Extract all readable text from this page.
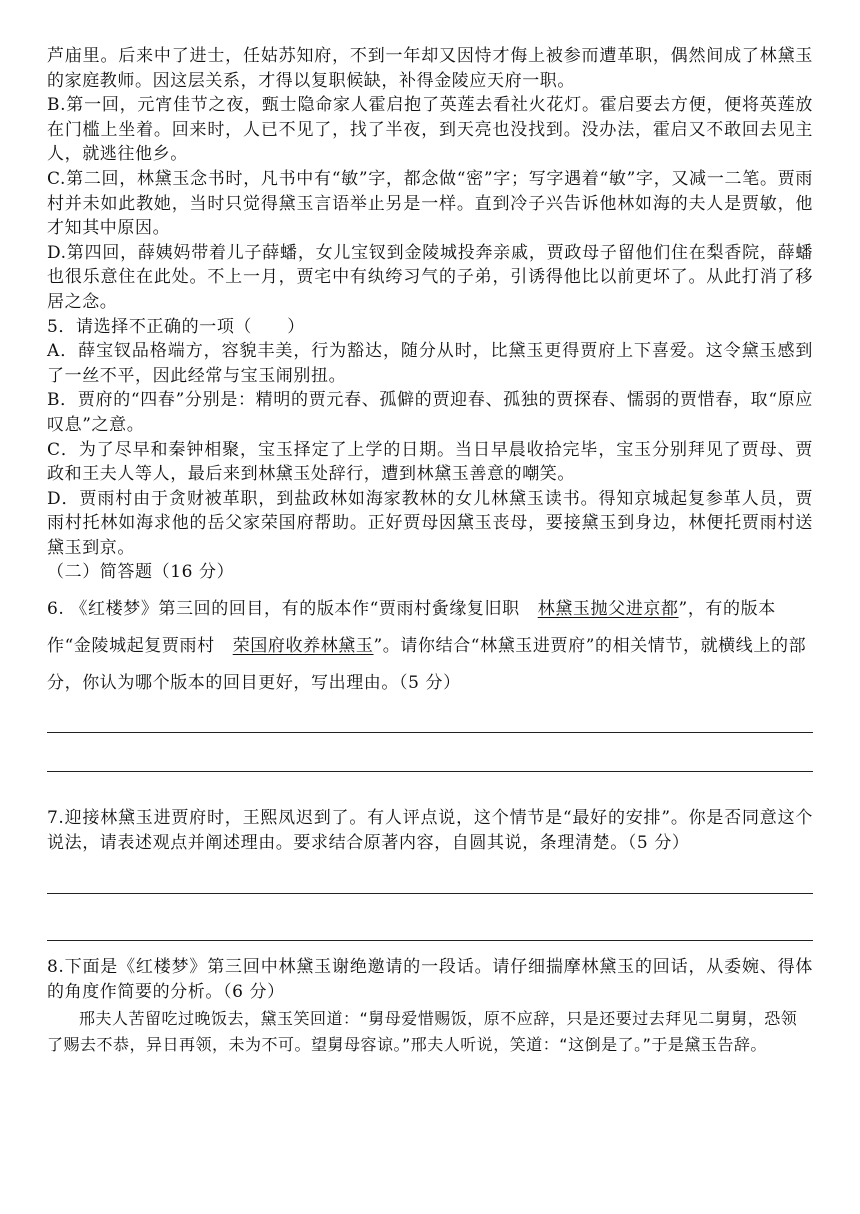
芦庙里。后来中了进士，任姑苏知府，不到一年却又因恃才侮上被参而遭革职，偶然间成了林黛玉的家庭教师。因这层关系，才得以复职候缺，补得金陵应天府一职。

B.第一回，元宵佳节之夜，甄士隐命家人霍启抱了英莲去看社火花灯。霍启要去方便，便将英莲放在门槛上坐着。回来时，人已不见了，找了半夜，到天亮也没找到。没办法，霍启又不敢回去见主人，就逃往他乡。

C.第二回，林黛玉念书时，凡书中有“敏”字，都念做“密”字；写字遇着“敏”字，又减一二笔。贾雨村并未如此教她，当时只觉得黛玉言语举止另是一样。直到冷子兴告诉他林如海的夫人是贾敏，他才知其中原因。

D.第四回，薛姨妈带着儿子薛蟠，女儿宝钗到金陵城投奔亲戚，贾政母子留他们住在梨香院，薛蟠也很乐意住在此处。不上一月，贾宅中有纨绔习气的子弟，引诱得他比以前更坏了。从此打消了移居之念。

5．请选择不正确的一项（　　）

A．薛宝钗品格端方，容貌丰美，行为豁达，随分从时，比黛玉更得贾府上下喜爱。这令黛玉感到了一丝不平，因此经常与宝玉闹别扭。

B．贾府的“四春”分别是：精明的贾元春、孤僻的贾迎春、孤独的贾探春、懦弱的贾惜春，取“原应叹息”之意。

C．为了尽早和秦钟相聚，宝玉择定了上学的日期。当日早晨收拾完毕，宝玉分别拜见了贾母、贾政和王夫人等人，最后来到林黛玉处辞行，遭到林黛玉善意的嘲笑。

D．贾雨村由于贪财被革职，到盐政林如海家教林的女儿林黛玉读书。得知京城起复参革人员，贾雨村托林如海求他的岳父家荣国府帮助。正好贾母因黛玉丧母，要接黛玉到身边，林便托贾雨村送黛玉到京。

（二）简答题（16 分）

6. 《红楼梦》第三回的回目，有的版本作“贾雨村夤缘复旧职 林黛玉抛父进京都”，有的版本作“金陵城起复贾雨村 荣国府收养林黛玉”。请你结合“林黛玉进贾府”的相关情节，就横线上的部分，你认为哪个版本的回目更好，写出理由。（5 分）

7.迎接林黛玉进贾府时，王熙凤迟到了。有人评点说，这个情节是“最好的安排”。你是否同意这个说法，请表述观点并阐述理由。要求结合原著内容，自圆其说，条理清楚。（5 分）

8.下面是《红楼梦》第三回中林黛玉谢绝邀请的一段话。请仔细揣摩林黛玉的回话，从委婉、得体的角度作简要的分析。（6 分）

邢夫人苦留吃过晚饭去，黛玉笑回道：“舅母爱惜赐饭，原不应辞，只是还要过去拜见二舅舅，恐领了赐去不恭，异日再领，未为不可。望舅母容谅。”邢夫人听说，笑道：“这倒是了。”于是黛玉告辞。
